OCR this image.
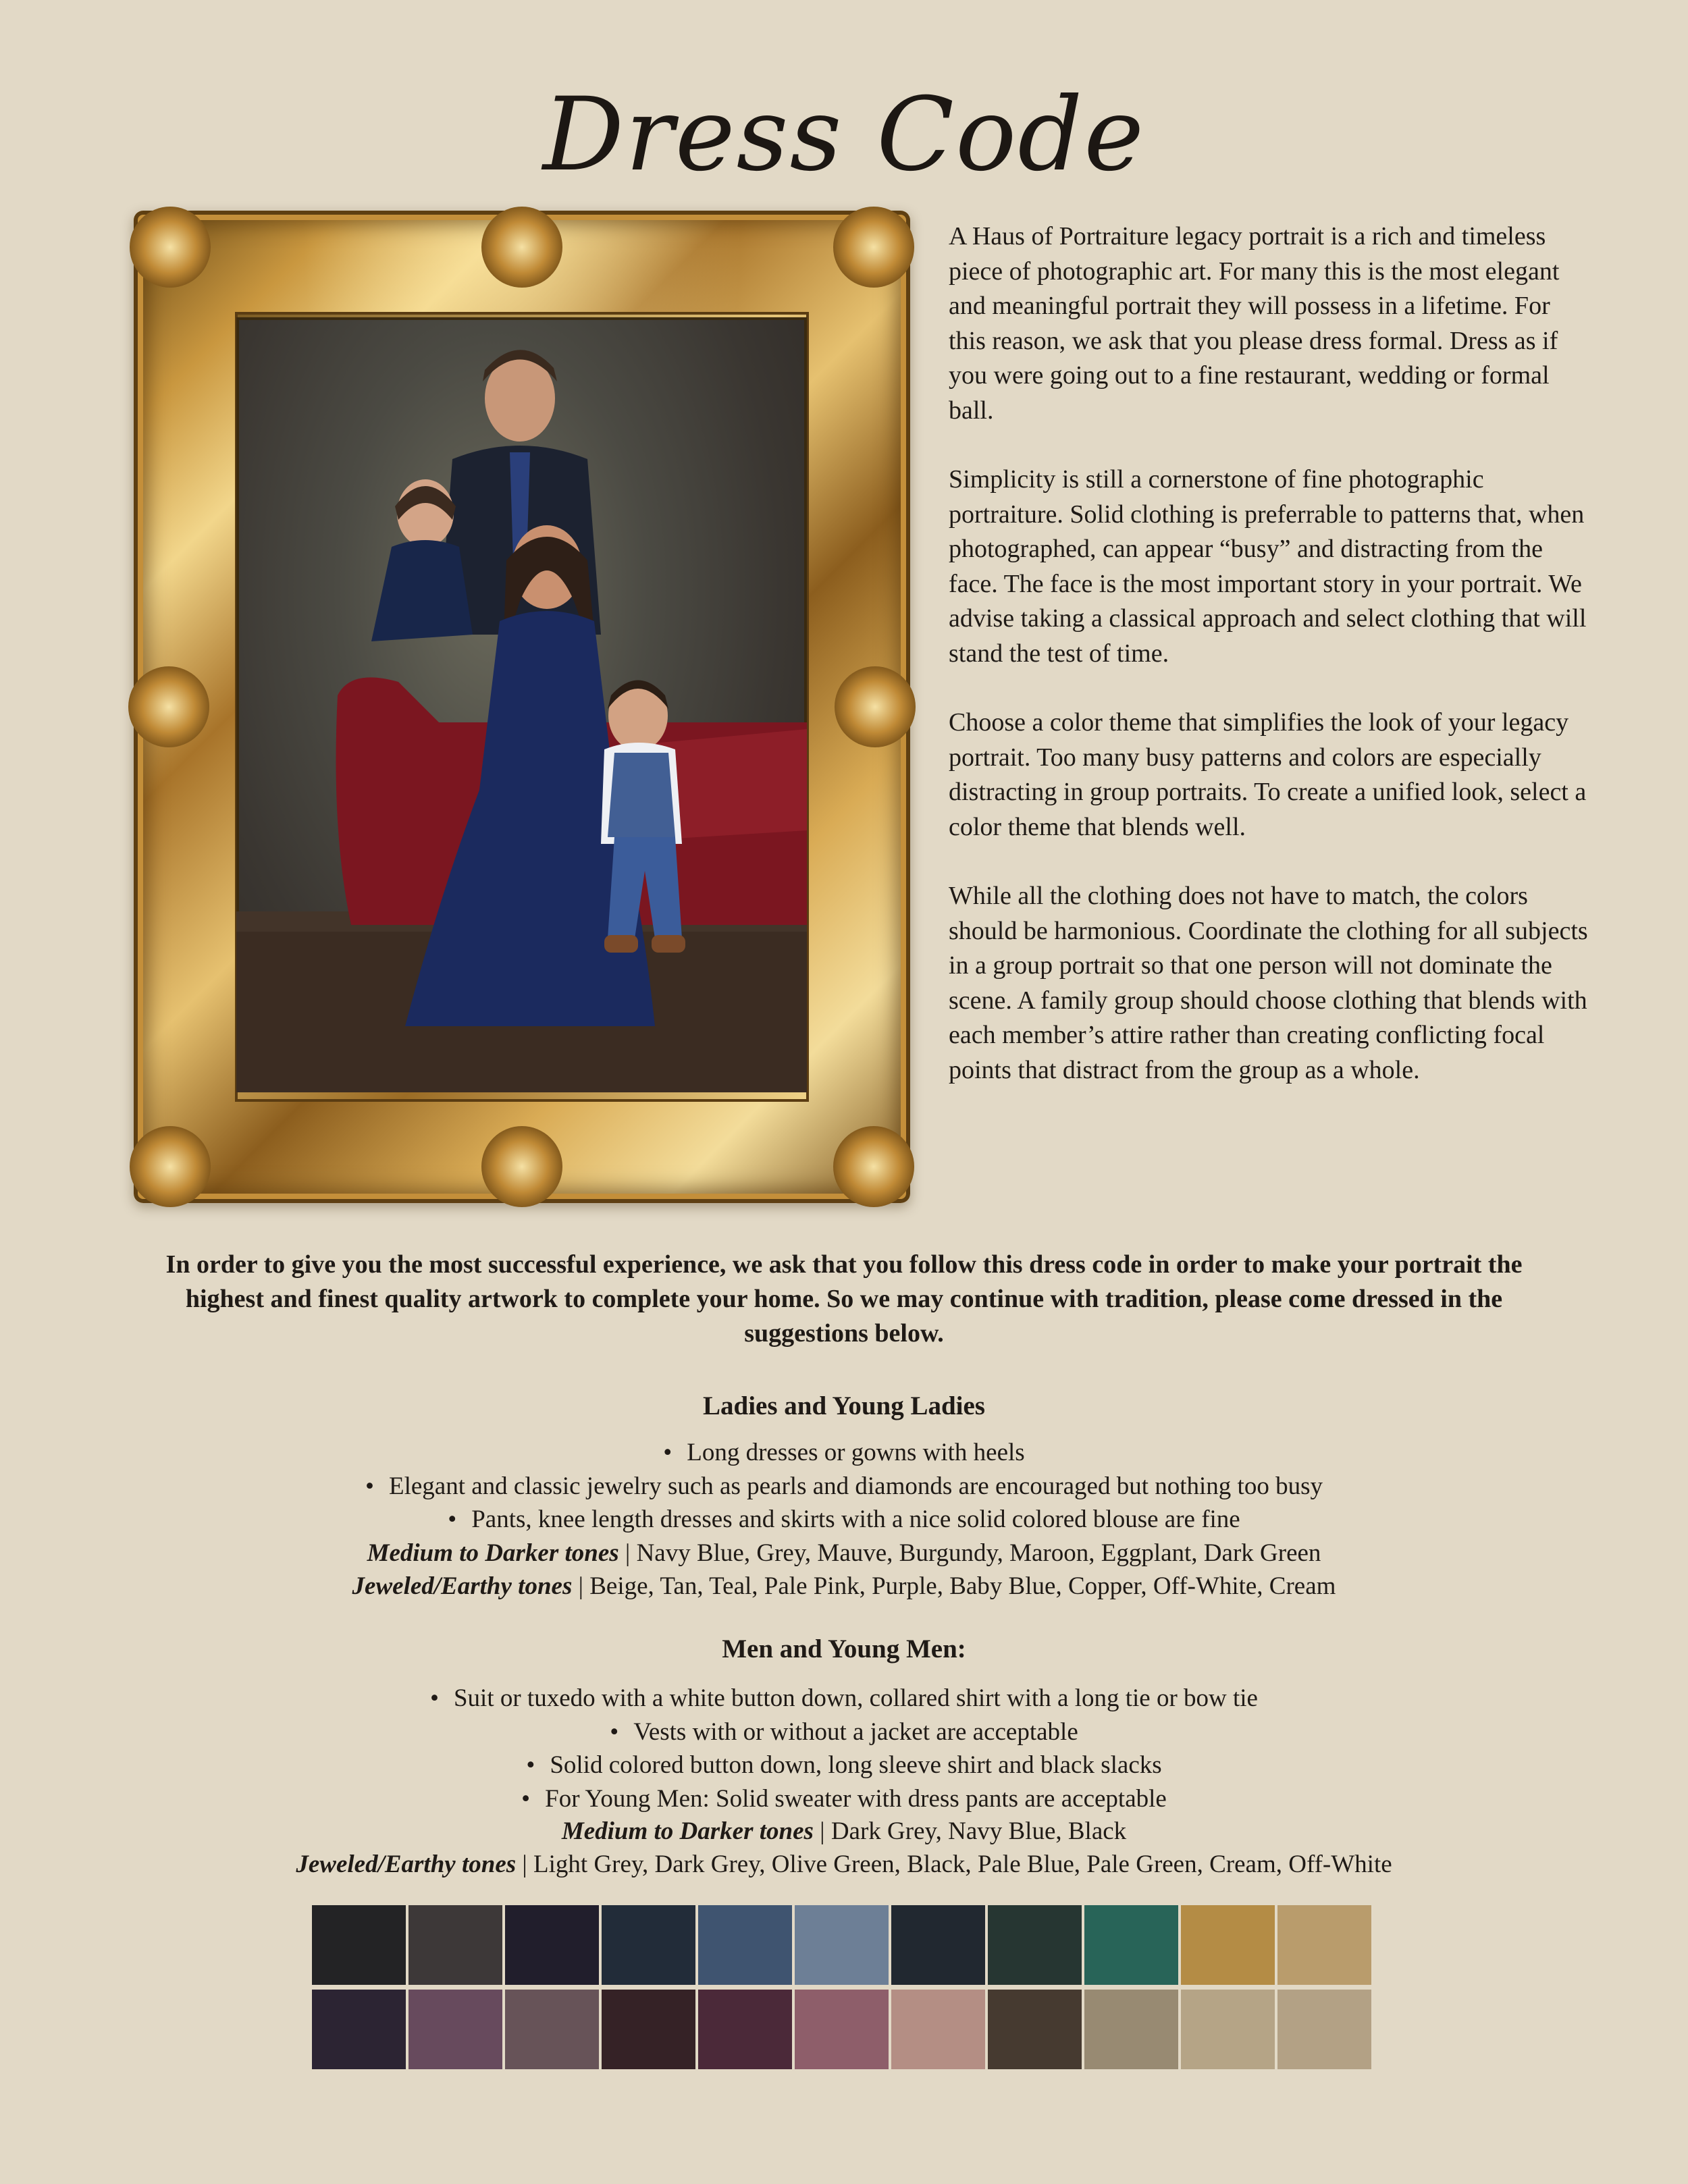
Dress Code

A Haus of Portraiture legacy portrait is a rich and timeless piece of photographic art. For many this is the most elegant and meaningful portrait they will possess in a lifetime. For this reason, we ask that you please dress formal. Dress as if you were going out to a fine restaurant, wedding or formal ball.

Simplicity is still a cornerstone of fine photographic portraiture. Solid clothing is preferrable to patterns that, when photographed, can appear “busy” and distracting from the face. The face is the most important story in your portrait. We advise taking a classical approach and select clothing that will stand the test of time.

Choose a color theme that simplifies the look of your legacy portrait. Too many busy patterns and colors are especially distracting in group portraits. To create a unified look, select a color theme that blends well.

While all the clothing does not have to match, the colors should be harmonious. Coordinate the clothing for all subjects in a group portrait so that one person will not dominate the scene. A family group should choose clothing that blends with each member’s attire rather than creating conflicting focal points that distract from the group as a whole.

In order to give you the most successful experience, we ask that you follow this dress code in order to make your portrait the highest and finest quality artwork to complete your home. So we may continue with tradition, please come dressed in the suggestions below.

Ladies and Young Ladies
• Long dresses or gowns with heels
• Elegant and classic jewelry such as pearls and diamonds are encouraged but nothing too busy
• Pants, knee length dresses and skirts with a nice solid colored blouse are fine

Medium to Darker tones | Navy Blue, Grey, Mauve, Burgundy, Maroon, Eggplant, Dark Green

Jeweled/Earthy tones | Beige, Tan, Teal, Pale Pink, Purple, Baby Blue, Copper, Off-White, Cream

Men and Young Men:
• Suit or tuxedo with a white button down, collared shirt with a long tie or bow tie
• Vests with or without a jacket are acceptable
• Solid colored button down, long sleeve shirt and black slacks
• For Young Men: Solid sweater with dress pants are acceptable

Medium to Darker tones | Dark Grey, Navy Blue, Black

Jeweled/Earthy tones | Light Grey, Dark Grey, Olive Green, Black, Pale Blue, Pale Green, Cream, Off-White
